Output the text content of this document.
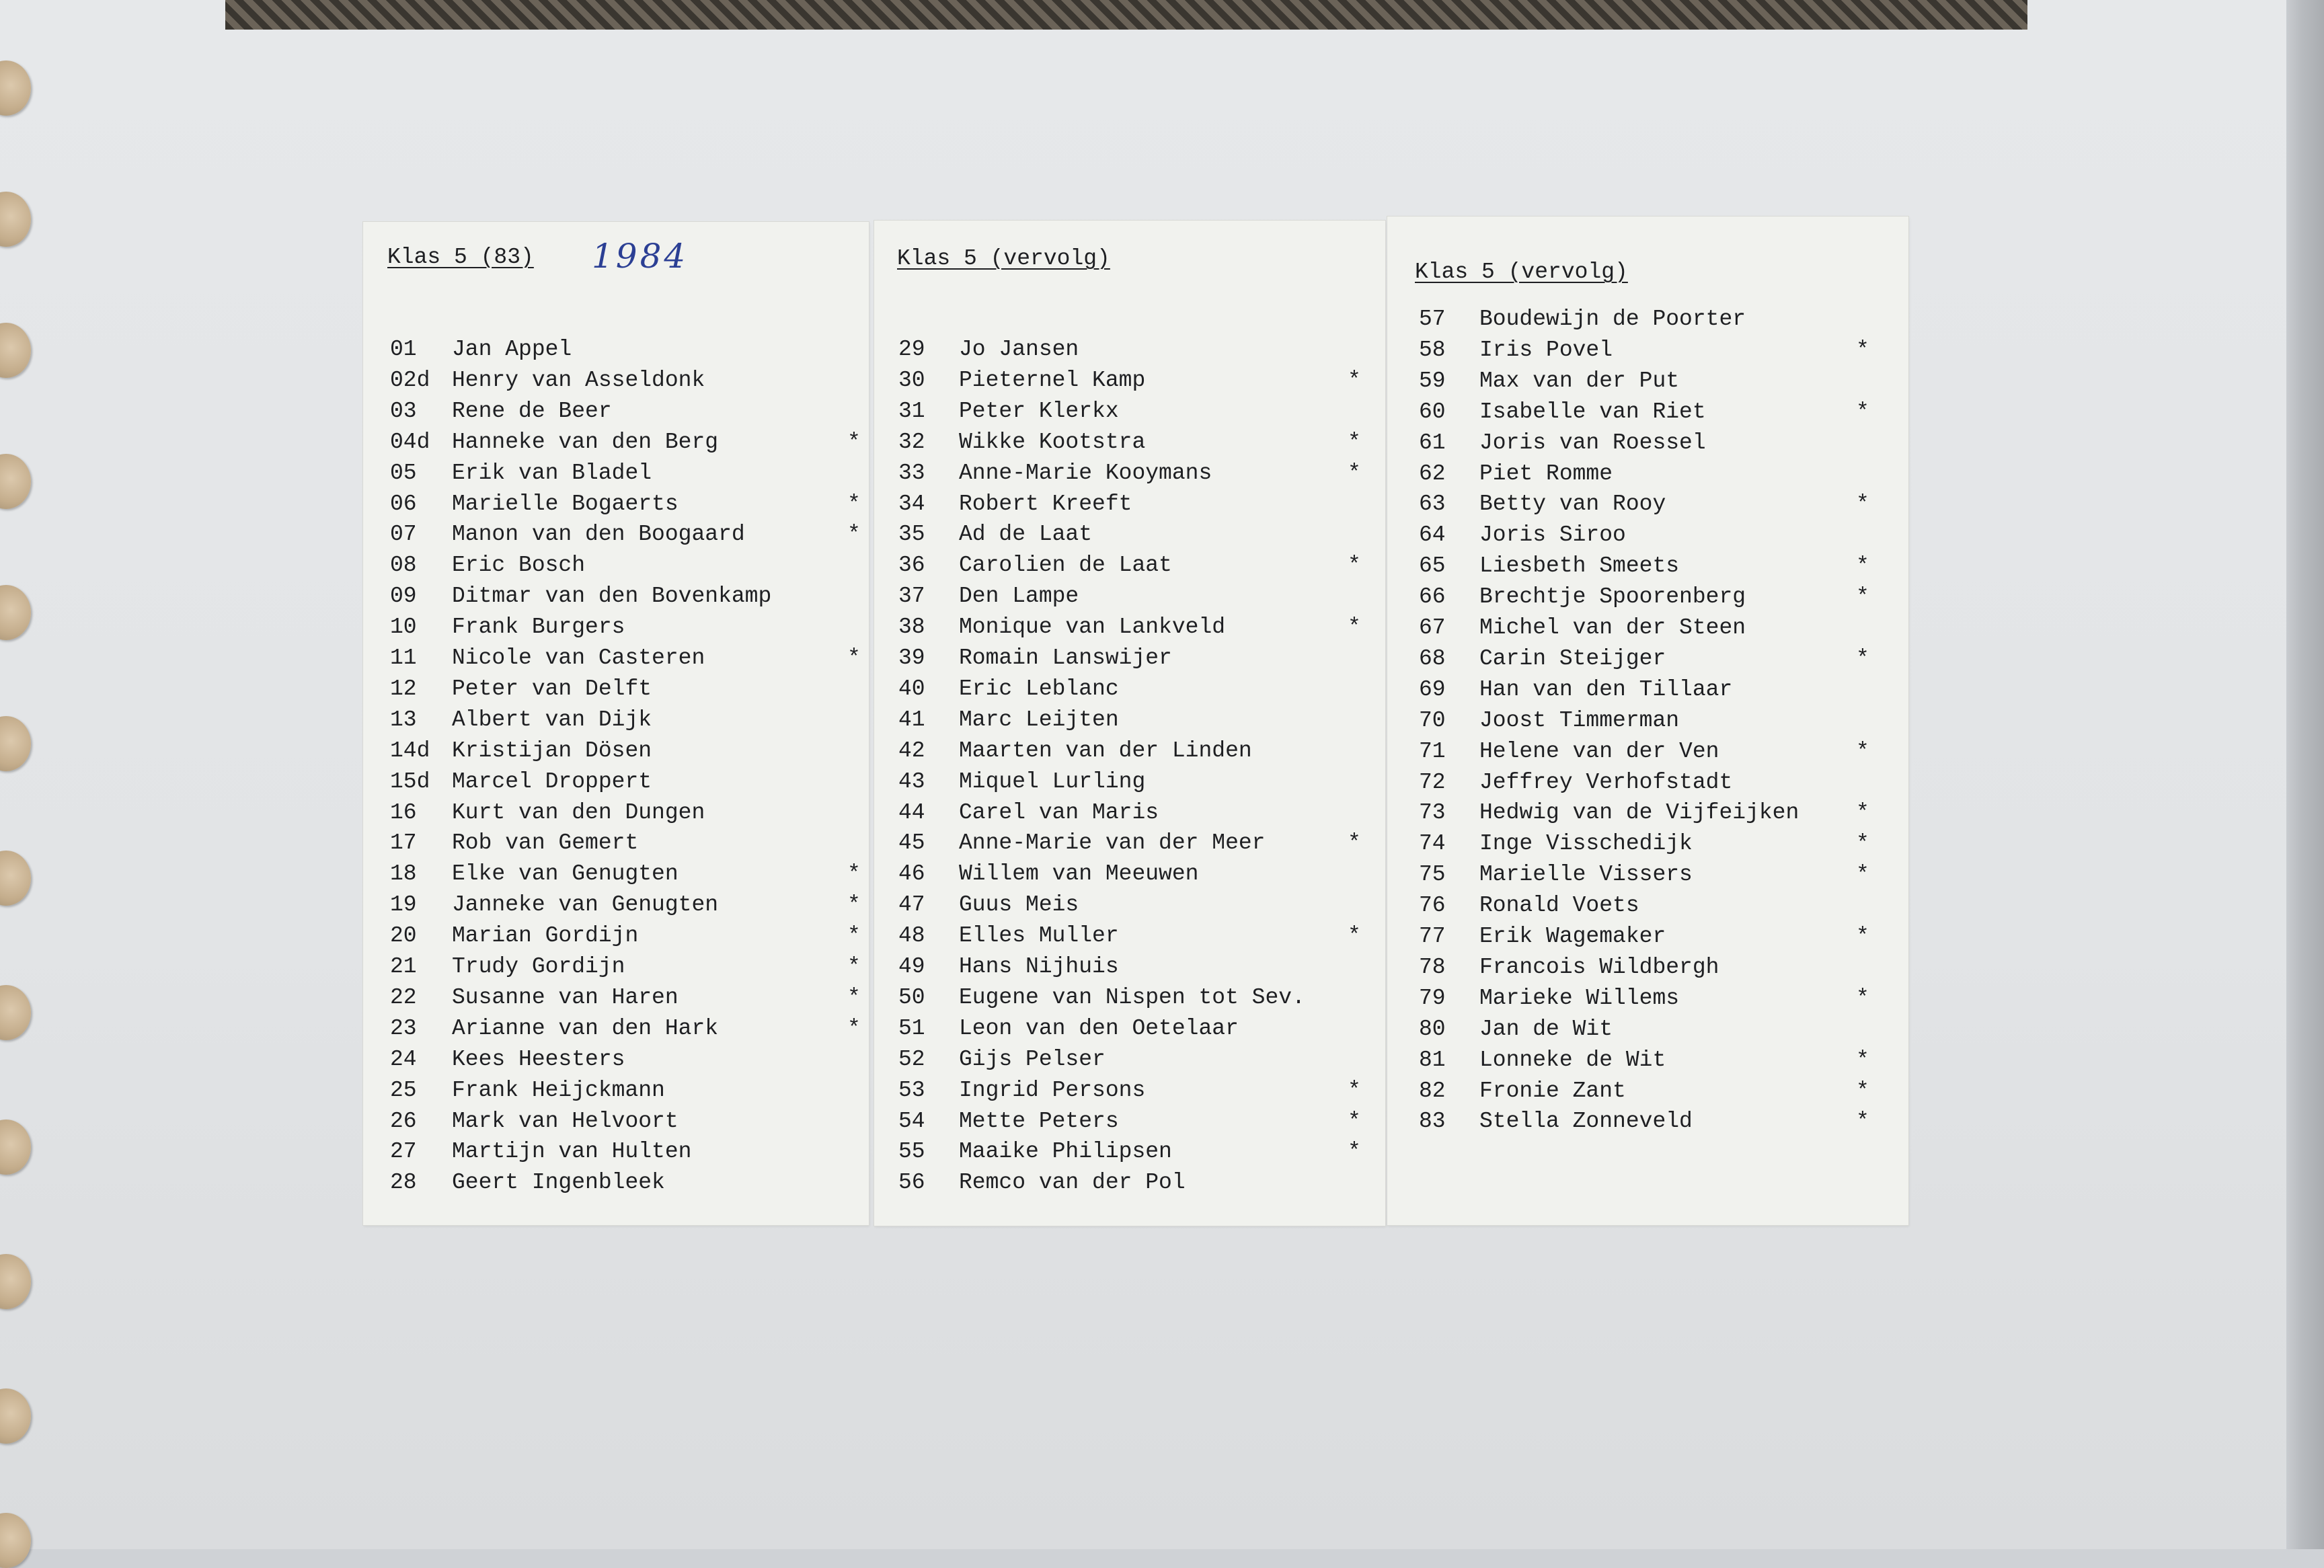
Klas 5 (83)	Klas 5 (vervolg)
Klas 5 (vervolg)
1984
01 Jan Appel
02d Henry van Asseldonk
03 Rene de Beer
04d Hanneke van den Berg	*
05 Erik van Bladel
06 Marielle Bogaerts	*
07 Manon van den Boogaard	*
08 Eric Bosch
09 Ditmar van den Bovenkamp
10 Frank Burgers
11 Nicole van Casteren	*
12 Peter van Delft
13 Albert van Dijk
14d Kristijan Dösen
15d Marcel Droppert
16 Kurt van den Dungen
17 Rob van Gemert
18 Elke van Genugten	*
19 Janneke van Genugten	*
20 Marian Gordijn	*
21 Trudy Gordijn	*
22 Susanne van Haren	*
23 Arianne van den Hark	*
24 Kees Heesters
25 Frank Heijckmann
26 Mark van Helvoort
27 Martijn van Hulten
28 Geert Ingenbleek
29 Jo Jansen
30 Pieternel Kamp	*
31 Peter Klerkx
32 Wikke Kootstra	*
33 Anne-Marie Kooymans	*
34 Robert Kreeft
35 Ad de Laat
36 Carolien de Laat	*
37 Den Lampe
38 Monique van Lankveld	*
39 Romain Lanswijer
40 Eric Leblanc
41 Marc Leijten
42 Maarten van der Linden
43 Miquel Lurling
44 Carel van Maris
45 Anne-Marie van der Meer	*
46 Willem van Meeuwen
47 Guus Meis
48 Elles Muller	*
49 Hans Nijhuis
50 Eugene van Nispen tot Sev.
51 Leon van den Oetelaar
52 Gijs Pelser
53 Ingrid Persons	*
54 Mette Peters	*
55 Maaike Philipsen	*
56 Remco van der Pol
57 Boudewijn de Poorter
58 Iris Povel	*
59 Max van der Put
60 Isabelle van Riet	*
61 Joris van Roessel
62 Piet Romme
63 Betty van Rooy	*
64 Joris Siroo
65 Liesbeth Smeets	*
66 Brechtje Spoorenberg	*
67 Michel van der Steen
68 Carin Steijger	*
69 Han van den Tillaar
70 Joost Timmerman
71 Helene van der Ven	*
72 Jeffrey Verhofstadt
73 Hedwig van de Vijfeijken	*
74 Inge Visschedijk	*
75 Marielle Vissers	*
76 Ronald Voets
77 Erik Wagemaker	*
78 Francois Wildbergh
79 Marieke Willems	*
80 Jan de Wit
81 Lonneke de Wit	*
82 Fronie Zant	*
83 Stella Zonneveld	*
